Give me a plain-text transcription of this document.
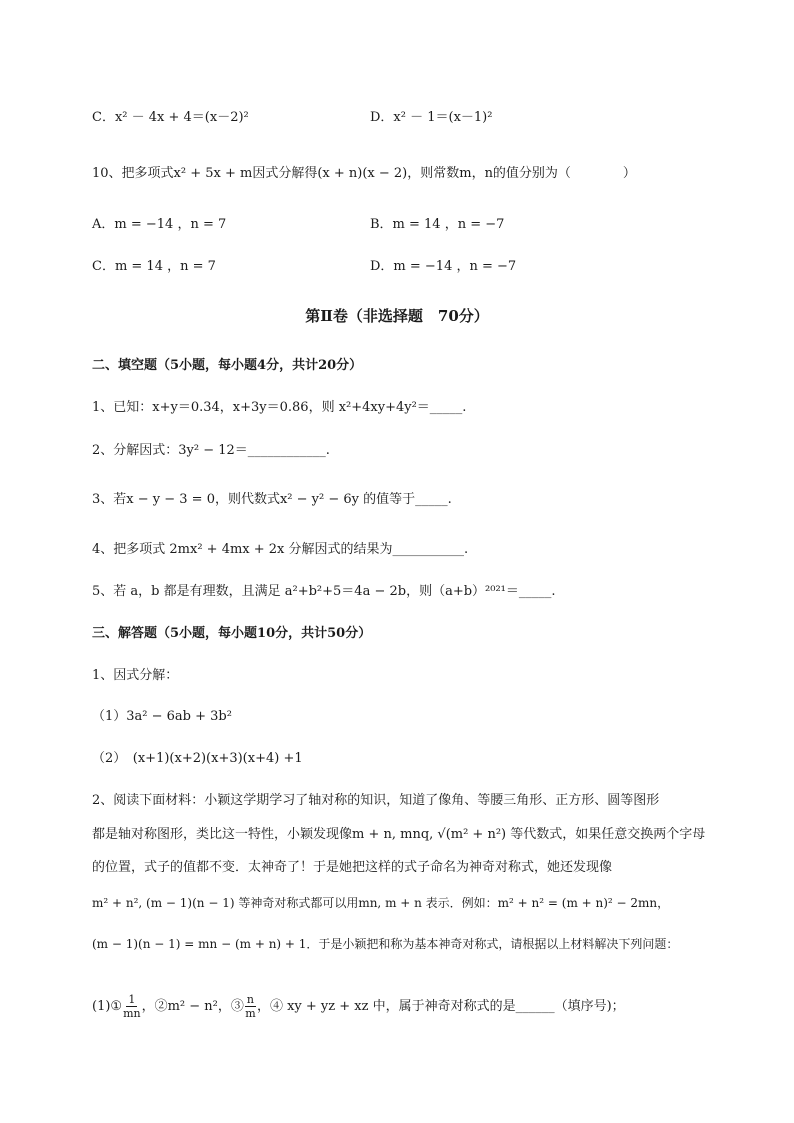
C．x² － 4x + 4＝(x－2)²	D．x² － 1＝(x－1)²
10、把多项式x² + 5x + m因式分解得(x + n)(x − 2)，则常数m，n的值分别为（　　　　）
A．m = −14 ，n = 7	B．m = 14 ，n = −7
C．m = 14 ，n = 7	D．m = −14 ，n = −7
第Ⅱ卷（非选择题　70分）
二、填空题（5小题，每小题4分，共计20分）
1、已知：x+y＝0.34，x+3y＝0.86，则 x²+4xy+4y²＝_____.
2、分解因式：3y² − 12＝____________.
3、若x − y − 3 = 0，则代数式x² − y² − 6y 的值等于_____.
4、把多项式 2mx² + 4mx + 2x 分解因式的结果为___________.
5、若 a，b 都是有理数，且满足 a²+b²+5＝4a − 2b，则（a+b）²⁰²¹＝_____.
三、解答题（5小题，每小题10分，共计50分）
1、因式分解：
（1）3a² − 6ab + 3b²
（2）　(x+1)(x+2)(x+3)(x+4) +1
2、阅读下面材料：小颖这学期学习了轴对称的知识，知道了像角、等腰三角形、正方形、圆等图形
都是轴对称图形，类比这一特性，小颖发现像m + n, mnq, √(m² + n²) 等代数式，如果任意交换两个字母
的位置，式子的值都不变．太神奇了！于是她把这样的式子命名为神奇对称式，她还发现像
m² + n², (m − 1)(n − 1) 等神奇对称式都可以用mn, m + n 表示．例如：m² + n² = (m + n)² − 2mn，
(m − 1)(n − 1) = mn − (m + n) + 1．于是小颖把和称为基本神奇对称式，请根据以上材料解决下列问题：
(1)① $\frac{1}{mn}$ ，②m² − n²，③ $\frac{n}{m}$ ，④ xy + yz + xz 中，属于神奇对称式的是______（填序号)；
